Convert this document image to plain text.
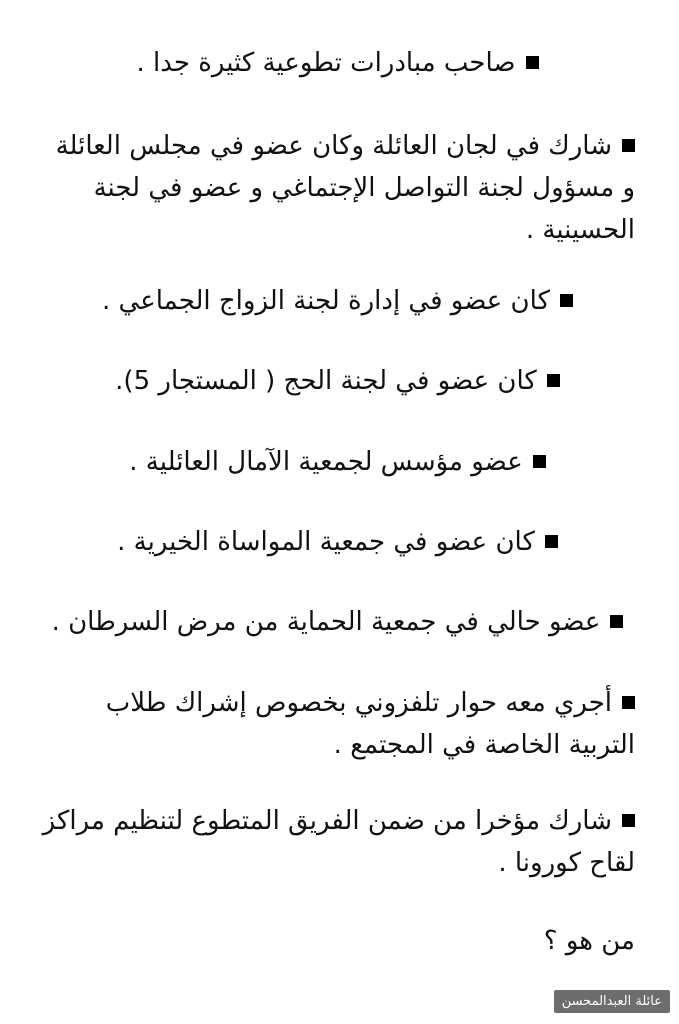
صاحب مبادرات تطوعية كثيرة جدا .
شارك في لجان العائلة وكان عضو في مجلس العائلة و مسؤول لجنة التواصل الإجتماغي و عضو في لجنة الحسينية .
كان عضو في إدارة لجنة الزواج الجماعي .
كان عضو في لجنة الحج ( المستجار 5).
عضو مؤسس لجمعية الآمال العائلية .
كان عضو في جمعية المواساة الخيرية .
عضو حالي في جمعية الحماية من مرض السرطان .
أجري معه حوار تلفزوني بخصوص إشراك طلاب التربية الخاصة في المجتمع .
شارك مؤخرا من ضمن الفريق المتطوع لتنظيم مراكز لقاح كورونا .
من هو ؟
عائلة العبدالمحسن
